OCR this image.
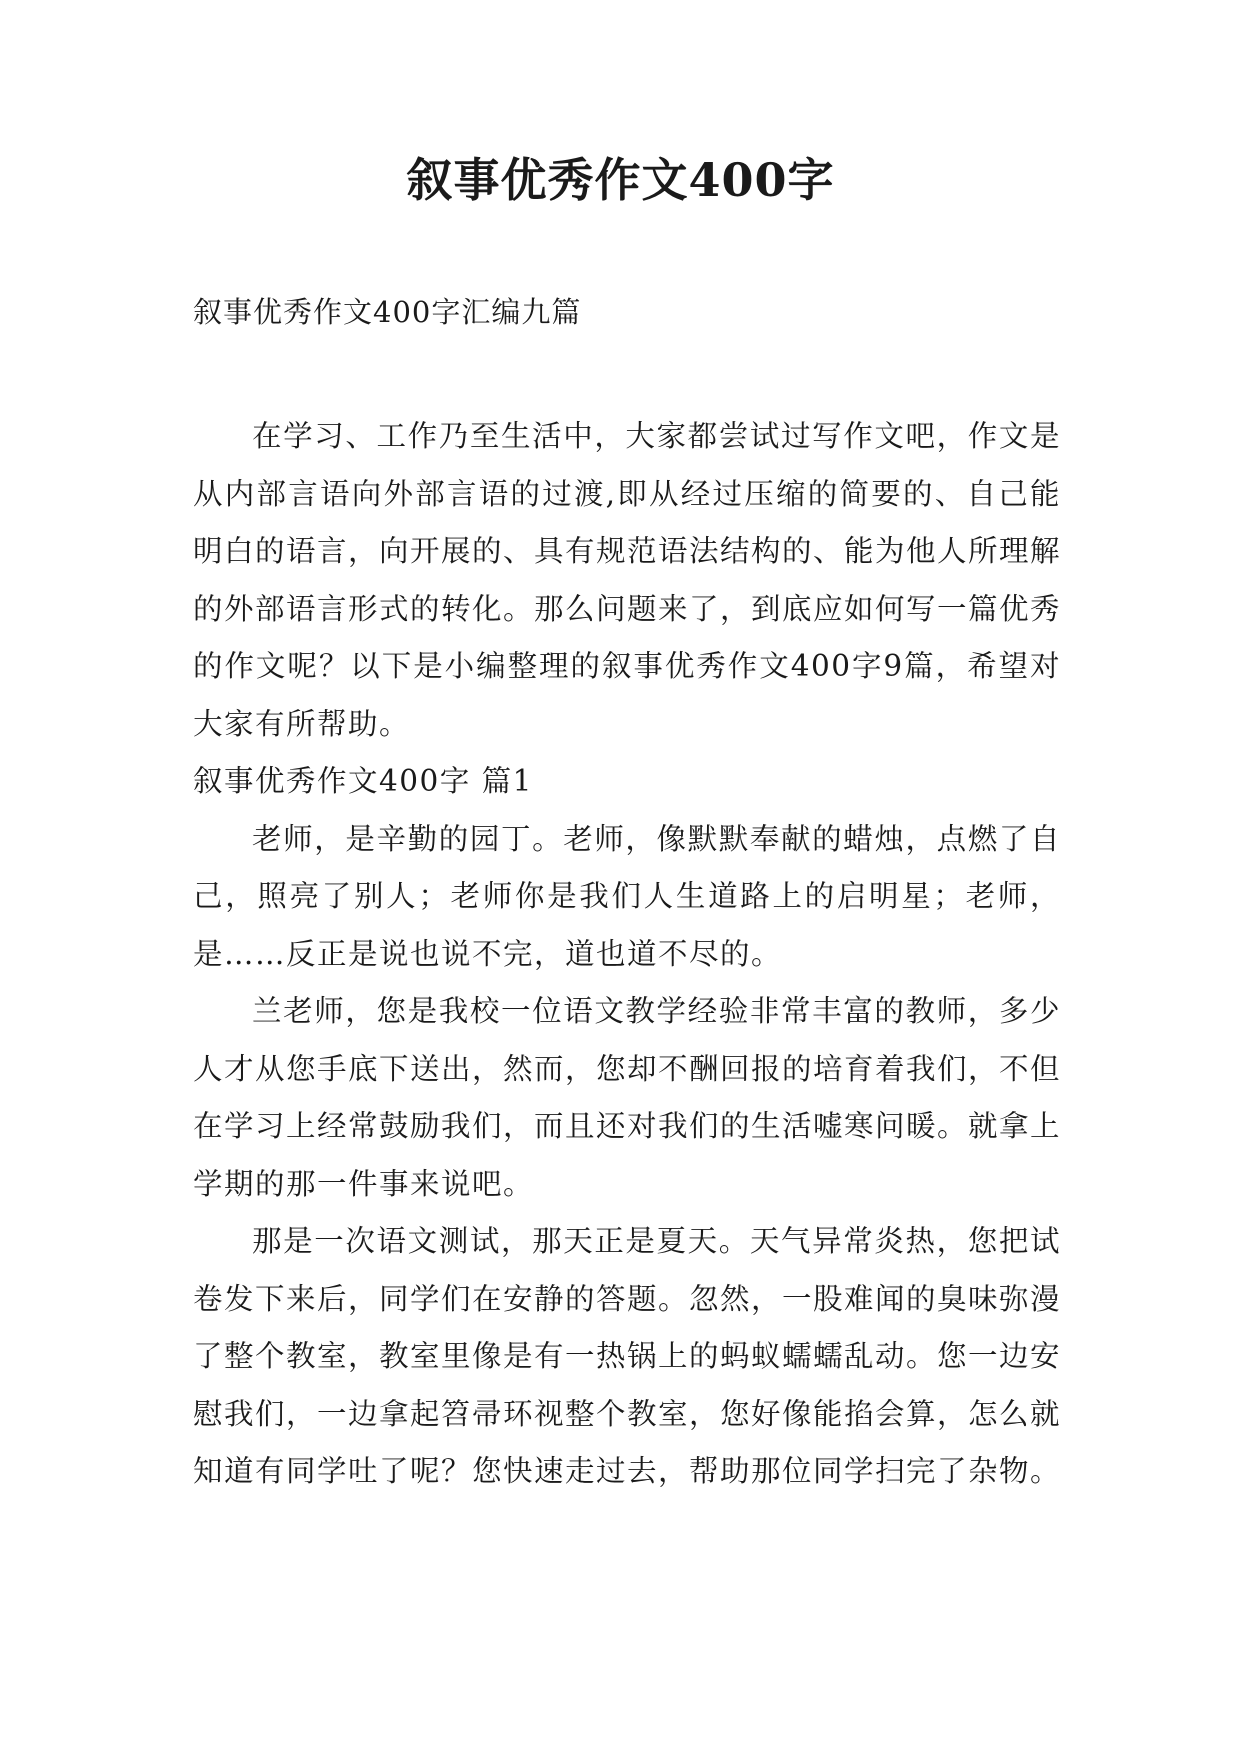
叙事优秀作文400字
叙事优秀作文400字汇编九篇

在学习、工作乃至生活中，大家都尝试过写作文吧，作文是从内部言语向外部言语的过渡,即从经过压缩的简要的、自己能明白的语言，向开展的、具有规范语法结构的、能为他人所理解的外部语言形式的转化。那么问题来了，到底应如何写一篇优秀的作文呢？以下是小编整理的叙事优秀作文400字9篇，希望对大家有所帮助。

叙事优秀作文400字 篇1

老师，是辛勤的园丁。老师，像默默奉献的蜡烛，点燃了自己，照亮了别人；老师你是我们人生道路上的启明星；老师，是……反正是说也说不完，道也道不尽的。

兰老师，您是我校一位语文教学经验非常丰富的教师，多少人才从您手底下送出，然而，您却不酬回报的培育着我们，不但在学习上经常鼓励我们，而且还对我们的生活嘘寒问暖。就拿上学期的那一件事来说吧。

那是一次语文测试，那天正是夏天。天气异常炎热，您把试卷发下来后，同学们在安静的答题。忽然，一股难闻的臭味弥漫了整个教室，教室里像是有一热锅上的蚂蚁蠕蠕乱动。您一边安慰我们，一边拿起笤帚环视整个教室，您好像能掐会算，怎么就知道有同学吐了呢？您快速走过去，帮助那位同学扫完了杂物。
